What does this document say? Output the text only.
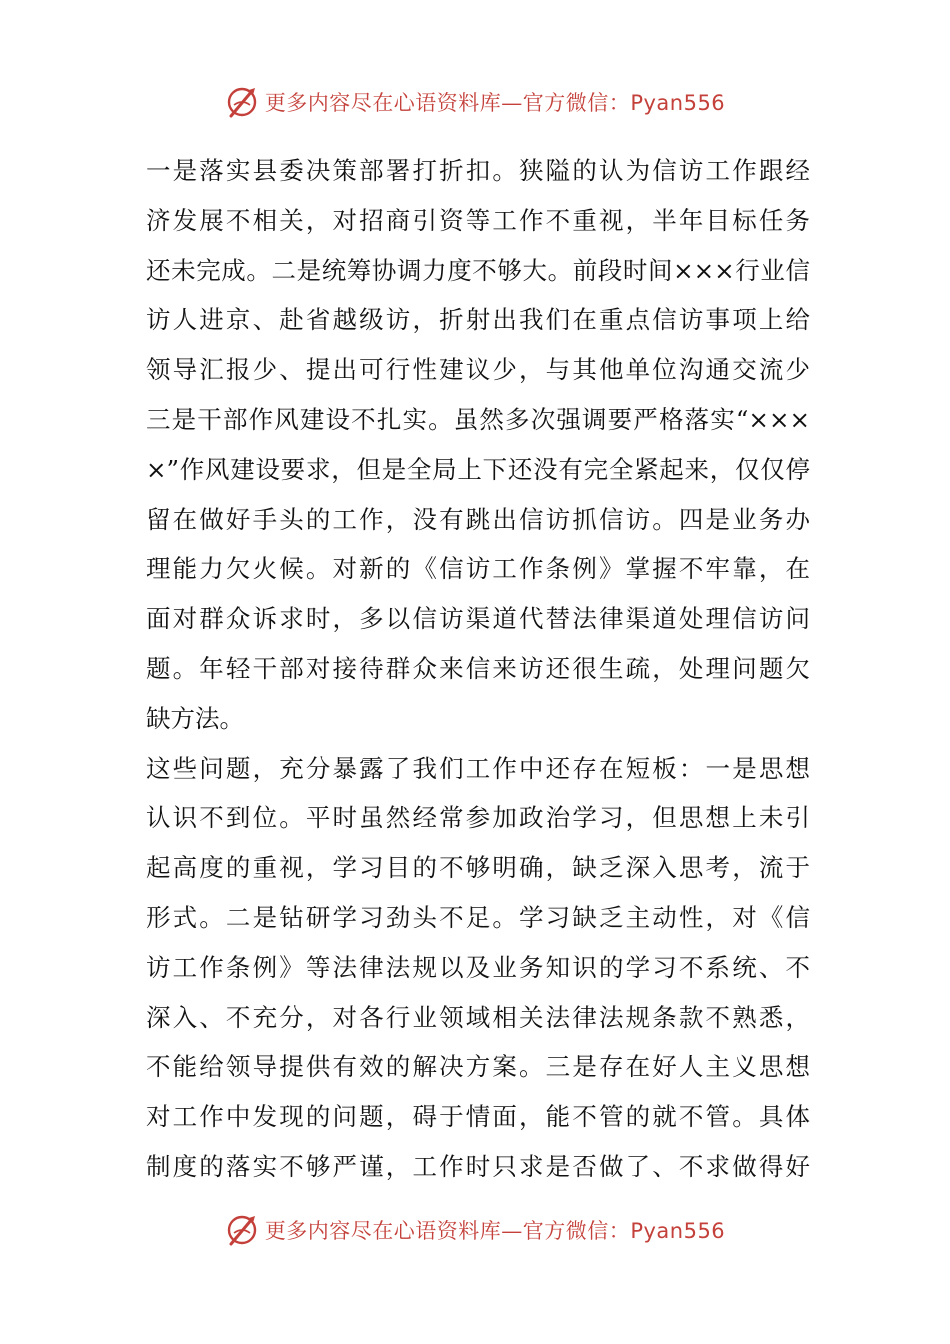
更多内容尽在心语资料库—官方微信：Pyan556
一是落实县委决策部署打折扣。狭隘的认为信访工作跟经
济发展不相关，对招商引资等工作不重视，半年目标任务
还未完成。二是统筹协调力度不够大。前段时间×××行业信
访人进京、赴省越级访，折射出我们在重点信访事项上给
领导汇报少、提出可行性建议少，与其他单位沟通交流少
三是干部作风建设不扎实。虽然多次强调要严格落实“×××
×”作风建设要求，但是全局上下还没有完全紧起来，仅仅停
留在做好手头的工作，没有跳出信访抓信访。四是业务办
理能力欠火候。对新的《信访工作条例》掌握不牢靠，在
面对群众诉求时，多以信访渠道代替法律渠道处理信访问
题。年轻干部对接待群众来信来访还很生疏，处理问题欠
缺方法。
这些问题，充分暴露了我们工作中还存在短板：一是思想
认识不到位。平时虽然经常参加政治学习，但思想上未引
起高度的重视，学习目的不够明确，缺乏深入思考，流于
形式。二是钻研学习劲头不足。学习缺乏主动性，对《信
访工作条例》等法律法规以及业务知识的学习不系统、不
深入、不充分，对各行业领域相关法律法规条款不熟悉，
不能给领导提供有效的解决方案。三是存在好人主义思想
对工作中发现的问题，碍于情面，能不管的就不管。具体
制度的落实不够严谨，工作时只求是否做了、不求做得好
更多内容尽在心语资料库—官方微信：Pyan556
